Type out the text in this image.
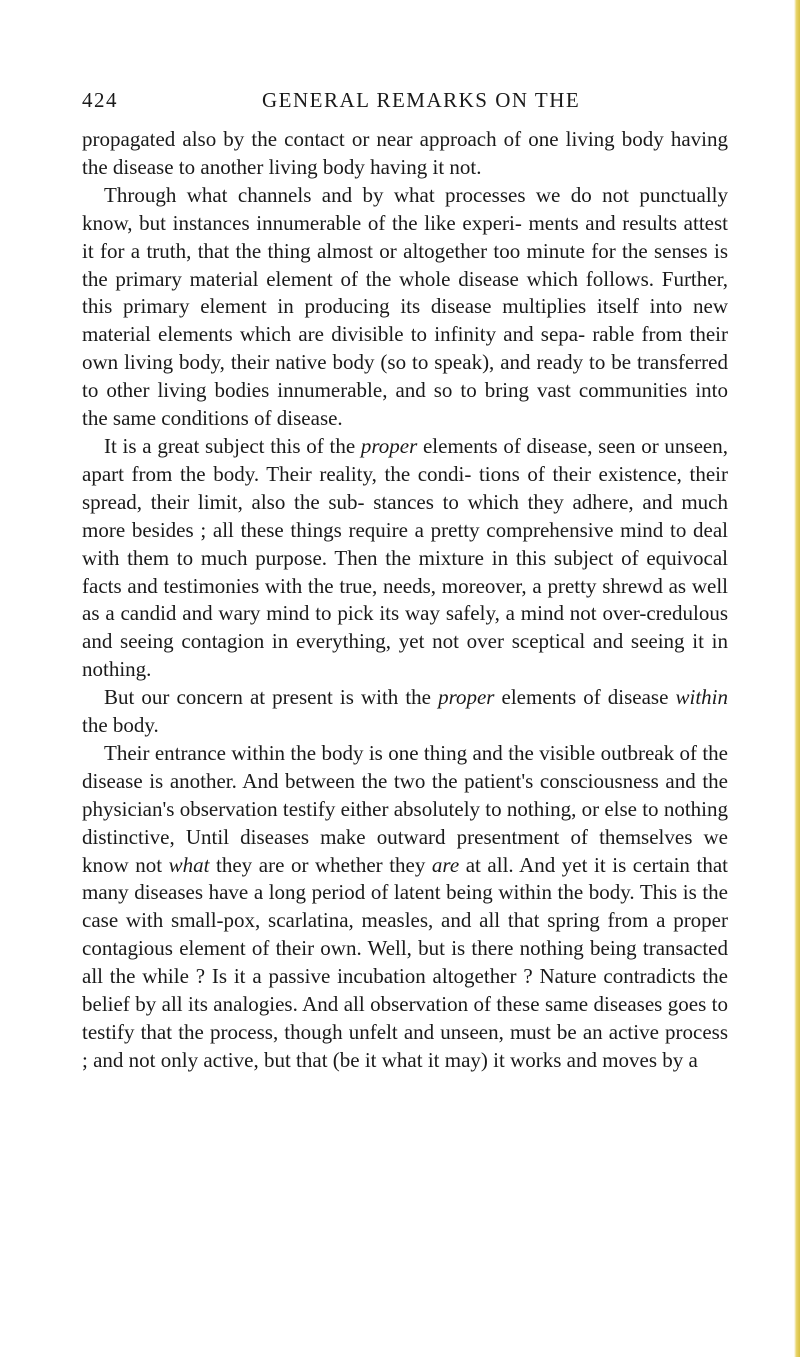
424	GENERAL REMARKS ON THE

propagated also by the contact or near approach of one living body having the disease to another living body having it not.

Through what channels and by what processes we do not punctually know, but instances innumerable of the like experi- ments and results attest it for a truth, that the thing almost or altogether too minute for the senses is the primary material element of the whole disease which follows. Further, this primary element in producing its disease multiplies itself into new material elements which are divisible to infinity and sepa- rable from their own living body, their native body (so to speak), and ready to be transferred to other living bodies innumerable, and so to bring vast communities into the same conditions of disease.

It is a great subject this of the proper elements of disease, seen or unseen, apart from the body. Their reality, the condi- tions of their existence, their spread, their limit, also the sub- stances to which they adhere, and much more besides ; all these things require a pretty comprehensive mind to deal with them to much purpose. Then the mixture in this subject of equivocal facts and testimonies with the true, needs, moreover, a pretty shrewd as well as a candid and wary mind to pick its way safely, a mind not over-credulous and seeing contagion in everything, yet not over sceptical and seeing it in nothing.

But our concern at present is with the proper elements of disease within the body.

Their entrance within the body is one thing and the visible outbreak of the disease is another. And between the two the patient's consciousness and the physician's observation testify either absolutely to nothing, or else to nothing distinctive, Until diseases make outward presentment of themselves we know not what they are or whether they are at all. And yet it is certain that many diseases have a long period of latent being within the body. This is the case with small-pox, scarlatina, measles, and all that spring from a proper contagious element of their own. Well, but is there nothing being transacted all the while ? Is it a passive incubation altogether ? Nature contradicts the belief by all its analogies. And all observation of these same diseases goes to testify that the process, though unfelt and unseen, must be an active process ; and not only active, but that (be it what it may) it works and moves by a
